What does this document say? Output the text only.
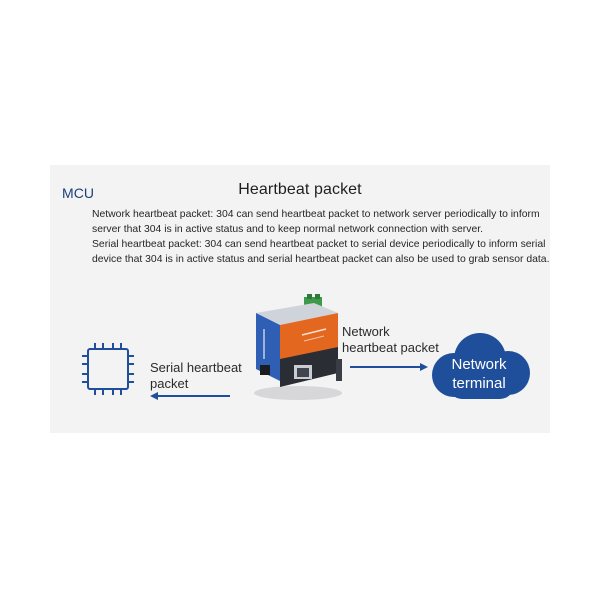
Heartbeat packet
Network heartbeat packet: 304 can send heartbeat packet to network server periodically to inform
server that 304 is in active status and to keep normal network connection with server.
Serial heartbeat packet: 304 can send heartbeat packet to serial device periodically to inform serial
device that 304 is in active status and serial heartbeat packet can also be used to grab sensor data.
MCU
Serial heartbeat
packet
Network
heartbeat packet
Network
terminal
